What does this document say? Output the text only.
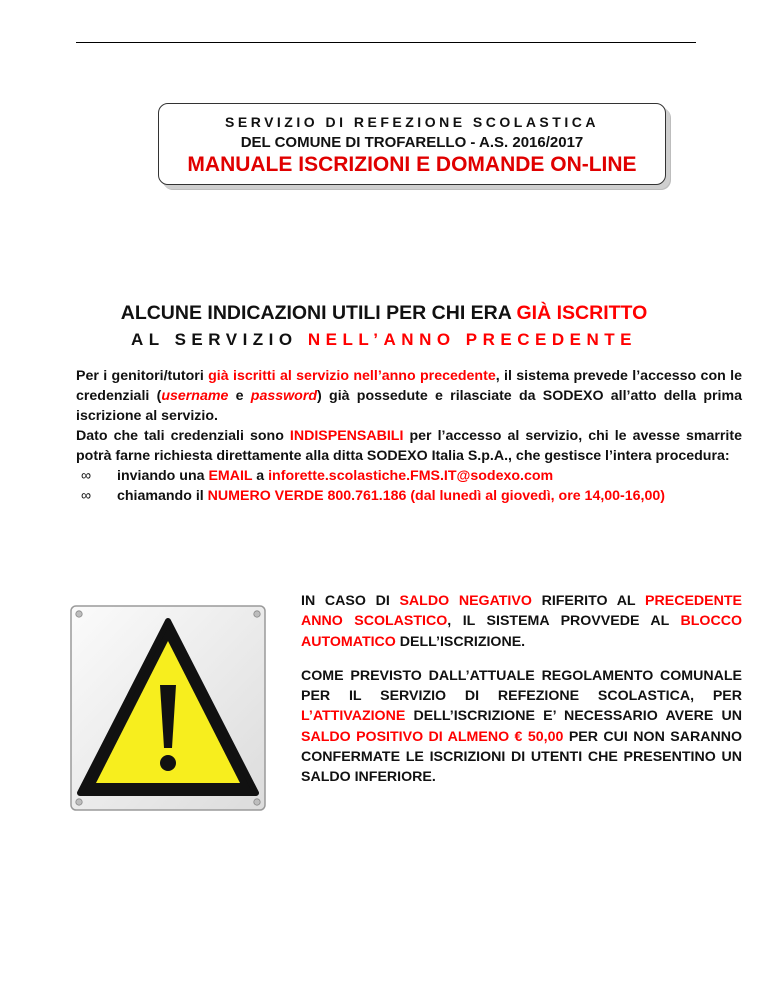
SERVIZIO DI REFEZIONE SCOLASTICA
DEL COMUNE DI TROFARELLO - A.S. 2016/2017
MANUALE ISCRIZIONI E DOMANDE ON-LINE
ALCUNE INDICAZIONI UTILI PER CHI ERA GIÀ ISCRITTO
AL SERVIZIO NELL’ANNO PRECEDENTE

Per i genitori/tutori già iscritti al servizio nell’anno precedente, il sistema prevede l’accesso con le credenziali (username e password) già possedute e rilasciate da SODEXO all’atto della prima iscrizione al servizio.

Dato che tali credenziali sono INDISPENSABILI per l’accesso al servizio, chi le avesse smarrite potrà farne richiesta direttamente alla ditta SODEXO Italia S.p.A., che gestisce l’intera procedura:

∞ inviando una EMAIL a inforette.scolastiche.FMS.IT@sodexo.com
∞ chiamando il NUMERO VERDE 800.761.186 (dal lunedì al giovedì, ore 14,00-16,00)

IN CASO DI SALDO NEGATIVO RIFERITO AL PRECEDENTE ANNO SCOLASTICO, IL SISTEMA PROVVEDE AL BLOCCO AUTOMATICO DELL’ISCRIZIONE.

COME PREVISTO DALL’ATTUALE REGOLAMENTO COMUNALE PER IL SERVIZIO DI REFEZIONE SCOLASTICA, PER L’ATTIVAZIONE DELL’ISCRIZIONE E’ NECESSARIO AVERE UN SALDO POSITIVO DI ALMENO € 50,00 PER CUI NON SARANNO CONFERMATE LE ISCRIZIONI DI UTENTI CHE PRESENTINO UN SALDO INFERIORE.
